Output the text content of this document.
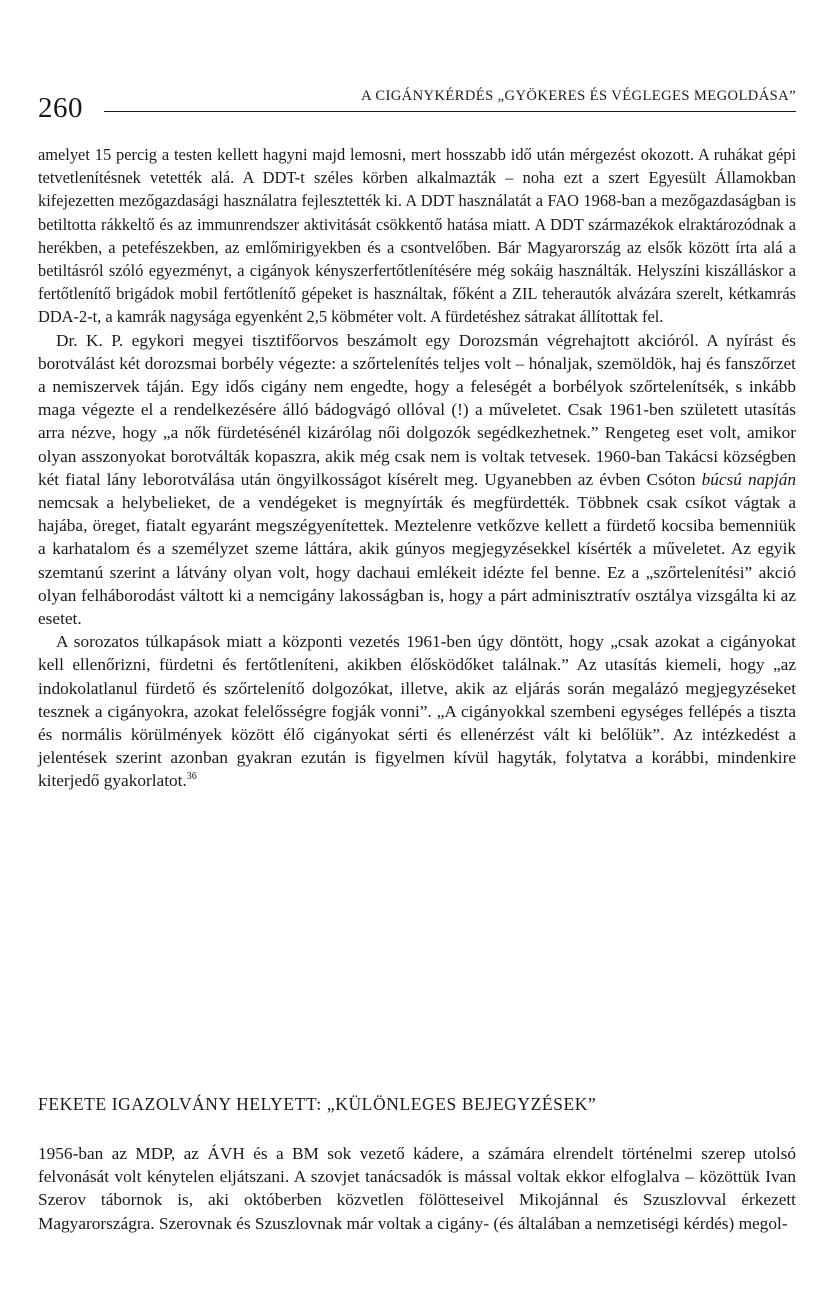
260	A CIGÁNYKÉRDÉS „GYÖKERES ÉS VÉGLEGES MEGOLDÁSA”

amelyet 15 percig a testen kellett hagyni majd lemosni, mert hosszabb idő után mérgezést okozott. A ruhákat gépi tetvetlenítésnek vetették alá. A DDT-t széles körben alkalmazták – noha ezt a szert Egyesült Államokban kifejezetten mezőgazdasági használatra fejlesztették ki. A DDT használatát a FAO 1968-ban a mezőgazdaságban is betiltotta rákkeltő és az immunrendszer aktivitását csökkentő hatása miatt. A DDT származékok elraktározódnak a herékben, a petefészekben, az emlőmirigyekben és a csontvelőben. Bár Magyarország az elsők között írta alá a betiltásról szóló egyezményt, a cigányok kényszerfertőtlenítésére még sokáig használták. Helyszíni kiszálláskor a fertőtlenítő brigádok mobil fertőtlenítő gépeket is használtak, főként a ZIL teherautók alvázára szerelt, kétkamrás DDA-2-t, a kamrák nagysága egyenként 2,5 köbméter volt. A fürdetéshez sátrakat állítottak fel.

Dr. K. P. egykori megyei tisztifőorvos beszámolt egy Dorozsmán végrehajtott akcióról. A nyírást és borotválást két dorozsmai borbély végezte: a szőrtelenítés teljes volt – hónaljak, szemöldök, haj és fanszőrzet a nemiszervek táján. Egy idős cigány nem engedte, hogy a feleségét a borbélyok szőrtelenítsék, s inkább maga végezte el a rendelkezésére álló bádogvágó ollóval (!) a műveletet. Csak 1961-ben született utasítás arra nézve, hogy „a nők fürdetésénél kizárólag női dolgozók segédkezhetnek.” Rengeteg eset volt, amikor olyan asszonyokat borotválták kopaszra, akik még csak nem is voltak tetvesek. 1960-ban Takácsi községben két fiatal lány leborotválása után öngyilkosságot kísérelt meg. Ugyanebben az évben Csóton búcsú napján nemcsak a helybelieket, de a vendégeket is megnyírták és megfürdették. Többnek csak csíkot vágtak a hajába, öreget, fiatalt egyaránt megszégyenítettek. Meztelenre vetkőzve kellett a fürdető kocsiba bemenniük a karhatalom és a személyzet szeme láttára, akik gúnyos megjegyzésekkel kísérték a műveletet. Az egyik szemtanú szerint a látvány olyan volt, hogy dachaui emlékeit idézte fel benne. Ez a „szőrtelenítési” akció olyan felháborodást váltott ki a nemcigány lakosságban is, hogy a párt adminisztratív osztálya vizsgálta ki az esetet.

A sorozatos túlkapások miatt a központi vezetés 1961-ben úgy döntött, hogy „csak azokat a cigányokat kell ellenőrizni, fürdetni és fertőtleníteni, akikben élősködőket találnak.” Az utasítás kiemeli, hogy „az indokolatlanul fürdető és szőrtelenítő dolgozókat, illetve, akik az eljárás során megalázó megjegyzéseket tesznek a cigányokra, azokat felelősségre fogják vonni”. „A cigányokkal szembeni egységes fellépés a tiszta és normális körülmények között élő cigányokat sérti és ellenérzést vált ki belőlük”. Az intézkedést a jelentések szerint azonban gyakran ezután is figyelmen kívül hagyták, folytatva a korábbi, mindenkire kiterjedő gyakorlatot.$^{36}$

FEKETE IGAZOLVÁNY HELYETT: „KÜLÖNLEGES BEJEGYZÉSEK”

1956-ban az MDP, az ÁVH és a BM sok vezető kádere, a számára elrendelt történelmi szerep utolsó felvonását volt kénytelen eljátszani. A szovjet tanácsadók is mással voltak ekkor elfoglalva – közöttük Ivan Szerov tábornok is, aki októberben közvetlen fölötteseivel Mikojánnal és Szuszlovval érkezett Magyarországra. Szerovnak és Szuszlovnak már voltak a cigány- (és általában a nemzetiségi kérdés) megol-
